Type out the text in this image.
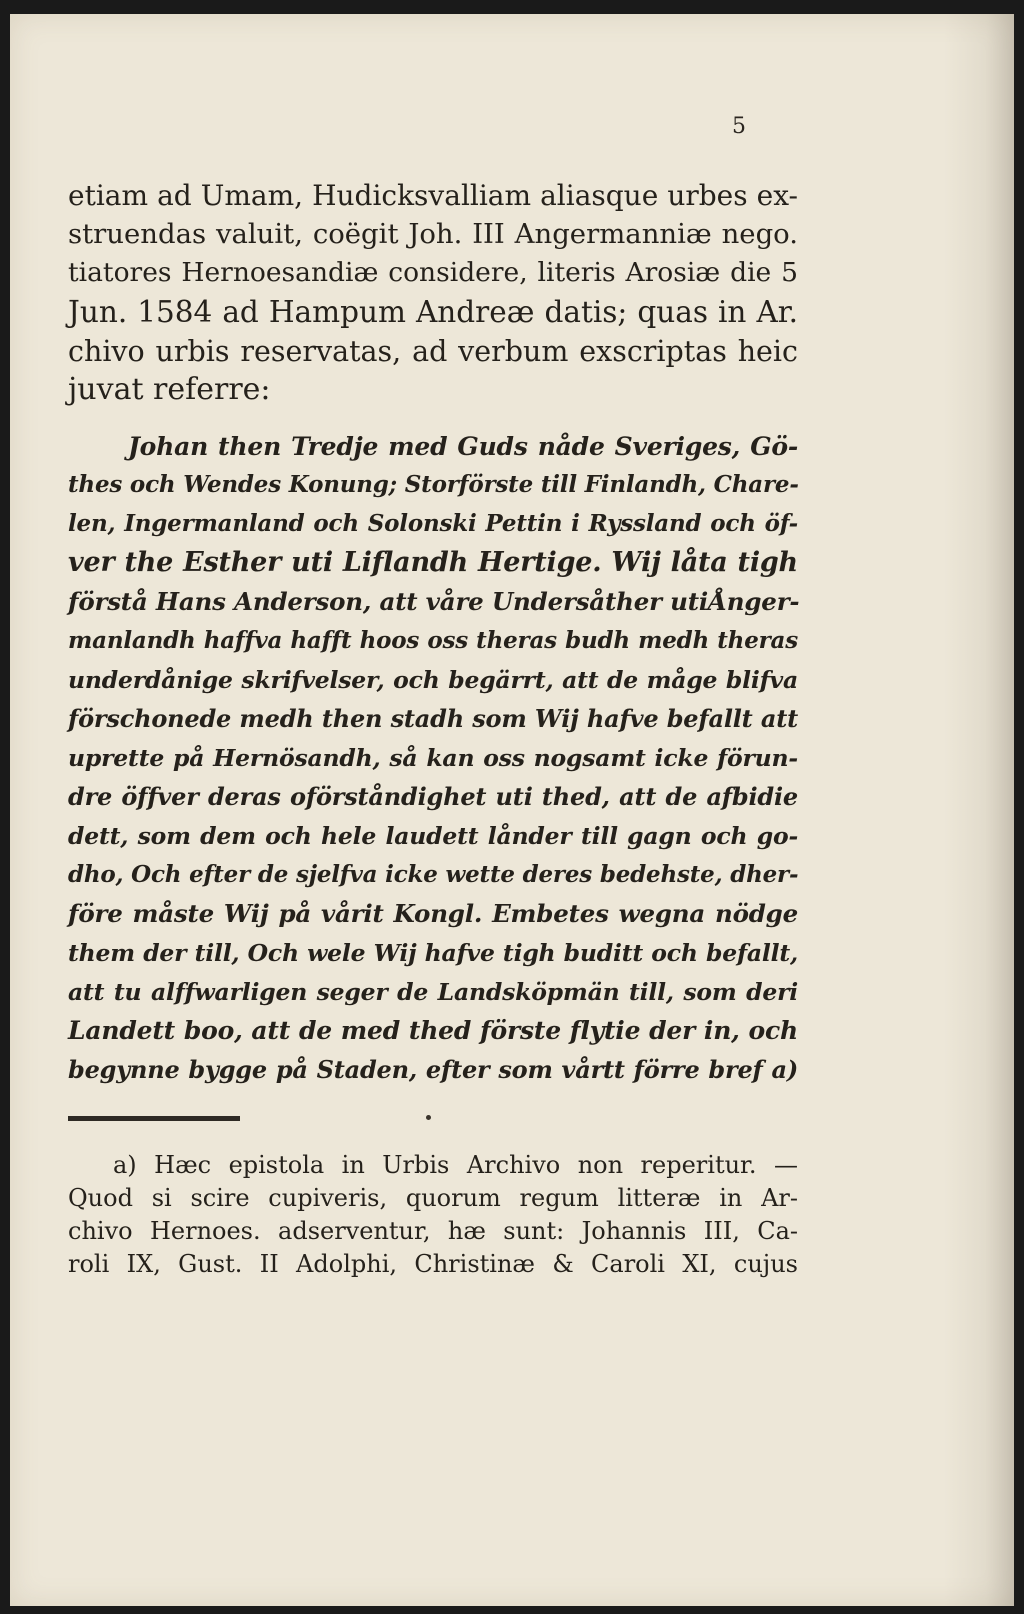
5
etiam ad Umam, Hudicksvalliam aliasque urbes ex-
struendas valuit, coëgit Joh. III Angermanniæ nego.
tiatores Hernoesandiæ considere, literis Arosiæ die 5
Jun. 1584 ad Hampum Andreæ datis; quas in Ar.
chivo urbis reservatas, ad verbum exscriptas heic
juvat referre:
Johan then Tredje med Guds nåde Sveriges, Gö-
thes och Wendes Konung; Storförste till Finlandh, Chare-
len, Ingermanland och Solonski Pettin i Ryssland och öf-
ver the Esther uti Liflandh Hertige. Wij låta tigh
förstå Hans Anderson, att våre Undersåther utiÅnger-
manlandh haffva hafft hoos oss theras budh medh theras
underdånige skrifvelser, och begärrt, att de måge blifva
förschonede medh then stadh som Wij hafve befallt att
uprette på Hernösandh, så kan oss nogsamt icke förun-
dre öffver deras oförståndighet uti thed, att de afbidie
dett, som dem och hele laudett lånder till gagn och go-
dho, Och efter de sjelfva icke wette deres bedehste, dher-
före måste Wij på vårit Kongl. Embetes wegna nödge
them der till, Och wele Wij hafve tigh buditt och befallt,
att tu alffwarligen seger de Landsköpmän till, som deri
Landett boo, att de med thed förste flytie der in, och
begynne bygge på Staden, efter som vårtt förre bref a)
a) Hæc epistola in Urbis Archivo non reperitur. —
Quod si scire cupiveris, quorum regum litteræ in Ar-
chivo Hernoes. adserventur, hæ sunt: Johannis III, Ca-
roli IX, Gust. II Adolphi, Christinæ & Caroli XI, cujus
